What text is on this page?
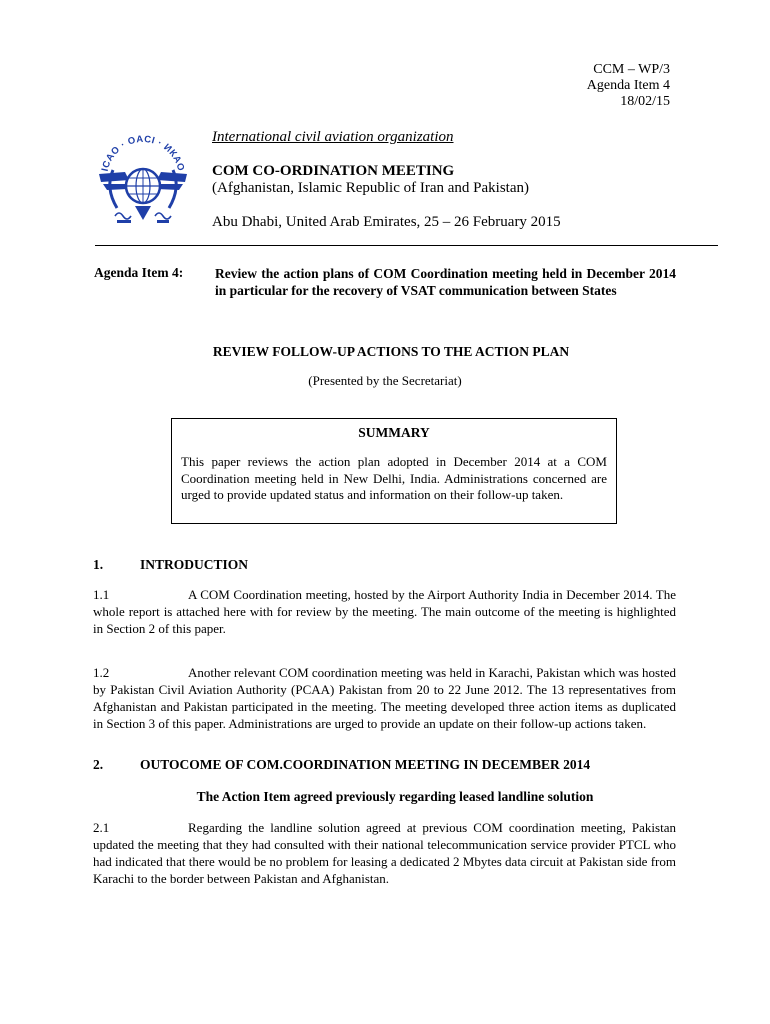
CCM – WP/3
Agenda Item 4
18/02/15
ICAO · OACI · ИКАО
International civil aviation organization
COM CO-ORDINATION MEETING
(Afghanistan, Islamic Republic of Iran and Pakistan)
Abu Dhabi, United Arab Emirates, 25 – 26 February 2015
Agenda Item 4: Review the action plans of COM Coordination meeting held in December 2014 in particular for the recovery of VSAT communication between States
REVIEW FOLLOW-UP ACTIONS TO THE ACTION PLAN
(Presented by the Secretariat)
SUMMARY
This paper reviews the action plan adopted in December 2014 at a COM Coordination meeting held in New Delhi, India. Administrations concerned are urged to provide updated status and information on their follow-up taken.
1.	INTRODUCTION
1.1	A COM Coordination meeting, hosted by the Airport Authority India in December 2014. The whole report is attached here with for review by the meeting. The main outcome of the meeting is highlighted in Section 2 of this paper.
1.2	Another relevant COM coordination meeting was held in Karachi, Pakistan which was hosted by Pakistan Civil Aviation Authority (PCAA) Pakistan from 20 to 22 June 2012. The 13 representatives from Afghanistan and Pakistan participated in the meeting. The meeting developed three action items as duplicated in Section 3 of this paper. Administrations are urged to provide an update on their follow-up actions taken.
2.	OUTOCOME OF COM.COORDINATION MEETING IN DECEMBER 2014
The Action Item agreed previously regarding leased landline solution
2.1	Regarding the landline solution agreed at previous COM coordination meeting, Pakistan updated the meeting that they had consulted with their national telecommunication service provider PTCL who had indicated that there would be no problem for leasing a dedicated 2 Mbytes data circuit at Pakistan side from Karachi to the border between Pakistan and Afghanistan.
